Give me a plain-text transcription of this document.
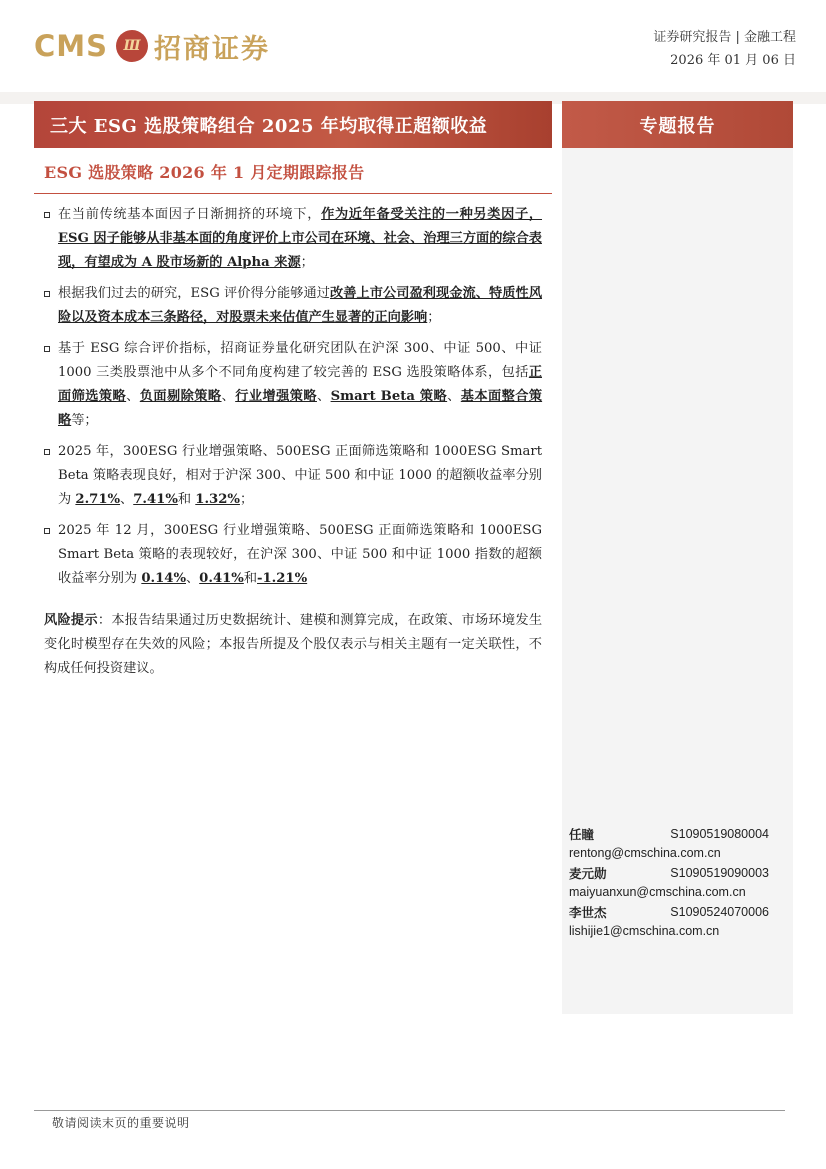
CMS	Ⅲ 招商证券	证券研究报告 | 金融工程
2026 年 01 月 06 日
三大 ESG 选股策略组合 2025 年均取得正超额收益	专题报告
ESG 选股策略 2026 年 1 月定期跟踪报告
在当前传统基本面因子日渐拥挤的环境下，作为近年备受关注的一种另类因子，ESG 因子能够从非基本面的角度评价上市公司在环境、社会、治理三方面的综合表现，有望成为 A 股市场新的 Alpha 来源；
根据我们过去的研究，ESG 评价得分能够通过改善上市公司盈利现金流、特质性风险以及资本成本三条路径，对股票未来估值产生显著的正向影响；
基于 ESG 综合评价指标，招商证券量化研究团队在沪深 300、中证 500、中证 1000 三类股票池中从多个不同角度构建了较完善的 ESG 选股策略体系，包括正面筛选策略、负面剔除策略、行业增强策略、Smart Beta 策略、基本面整合策略等；
2025 年，300ESG 行业增强策略、500ESG 正面筛选策略和 1000ESG Smart Beta 策略表现良好，相对于沪深 300、中证 500 和中证 1000 的超额收益率分别为 2.71%、7.41%和 1.32%；
2025 年 12 月，300ESG 行业增强策略、500ESG 正面筛选策略和 1000ESG Smart Beta 策略的表现较好，在沪深 300、中证 500 和中证 1000 指数的超额收益率分别为 0.14%、0.41%和-1.21%
风险提示：本报告结果通过历史数据统计、建模和测算完成，在政策、市场环境发生变化时模型存在失效的风险；本报告所提及个股仅表示与相关主题有一定关联性，不构成任何投资建议。
任瞳	S1090519080004
rentong@cmschina.com.cn
麦元勋	S1090519090003
maiyuanxun@cmschina.com.cn
李世杰	S1090524070006
lishijie1@cmschina.com.cn
敬请阅读末页的重要说明
